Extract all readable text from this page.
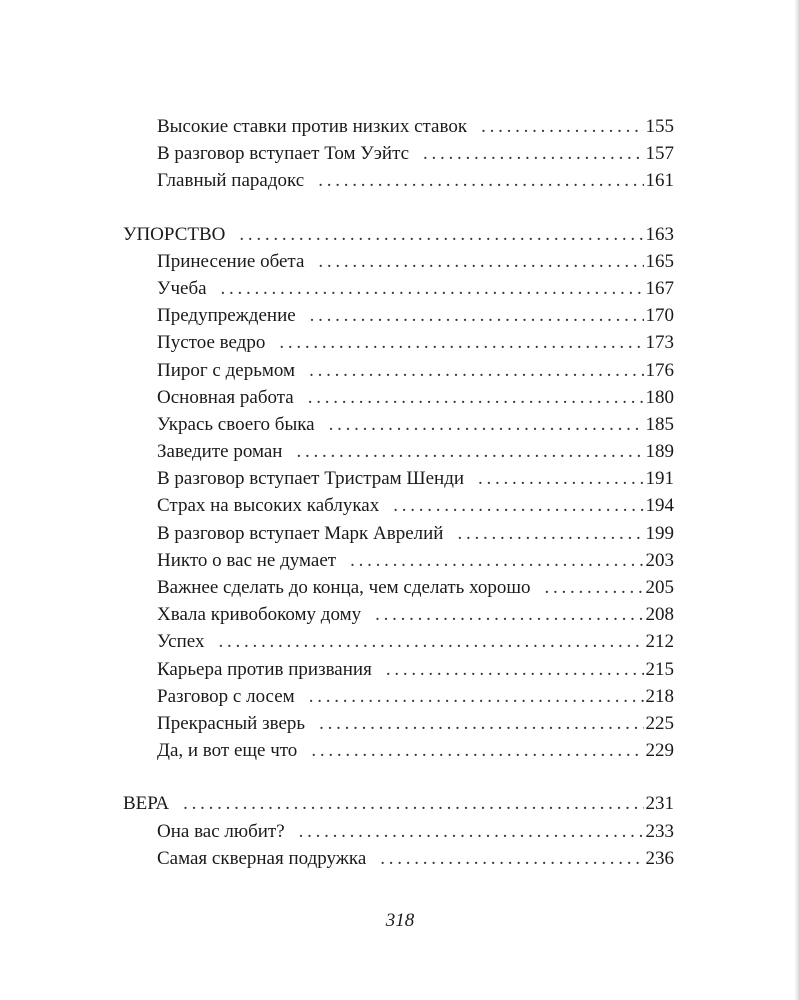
Высокие ставки против низких ставок . . .	155
В разговор вступает Том Уэйтс . . .	157
Главный парадокс . . .	161
УПОРСТВО . . .	163
Принесение обета . . .	165
Учеба . . .	167
Предупреждение . . .	170
Пустое ведро . . .	173
Пирог с дерьмом . . .	176
Основная работа . . .	180
Укрась своего быка . . .	185
Заведите роман . . .	189
В разговор вступает Тристрам Шенди . . .	191
Страх на высоких каблуках . . .	194
В разговор вступает Марк Аврелий . . .	199
Никто о вас не думает . . .	203
Важнее сделать до конца, чем сделать хорошо . . .	205
Хвала кривобокому дому . . .	208
Успех . . .	212
Карьера против призвания . . .	215
Разговор с лосем . . .	218
Прекрасный зверь . . .	225
Да, и вот еще что . . .	229
ВЕРА . . .	231
Она вас любит? . . .	233
Самая скверная подружка . . .	236
318
